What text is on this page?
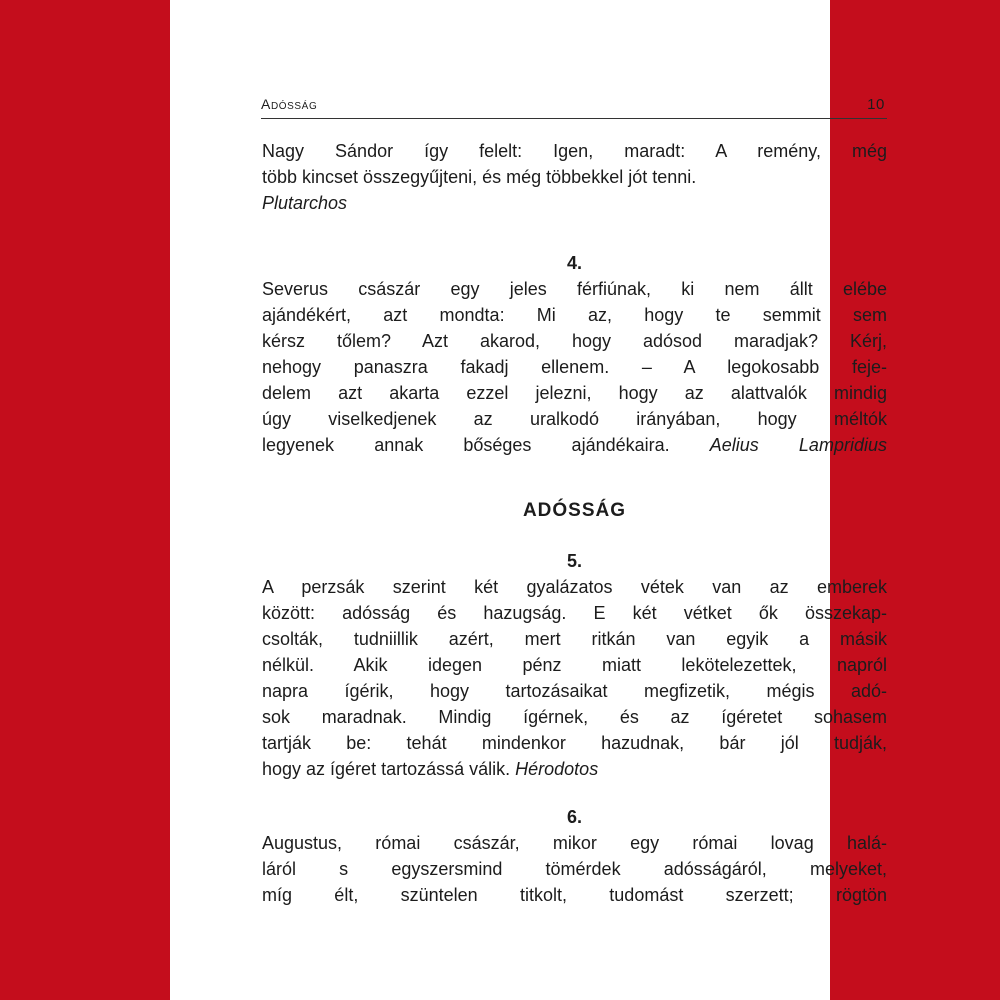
Adósság	10
Nagy Sándor így felelt: Igen, maradt: A remény, még
több kincset összegyűjteni, és még többekkel jót tenni.
Plutarchos
4.
Severus császár egy jeles férfiúnak, ki nem állt elébe
ajándékért, azt mondta: Mi az, hogy te semmit sem
kérsz tőlem? Azt akarod, hogy adósod maradjak? Kérj,
nehogy panaszra fakadj ellenem. – A legokosabb feje-
delem azt akarta ezzel jelezni, hogy az alattvalók mindig
úgy viselkedjenek az uralkodó irányában, hogy méltók
legyenek annak bőséges ajándékaira. Aelius Lampridius
ADÓSSÁG
5.
A perzsák szerint két gyalázatos vétek van az emberek
között: adósság és hazugság. E két vétket ők összekap-
csolták, tudniillik azért, mert ritkán van egyik a másik
nélkül. Akik idegen pénz miatt lekötelezettek, napról
napra ígérik, hogy tartozásaikat megfizetik, mégis adó-
sok maradnak. Mindig ígérnek, és az ígéretet sohasem
tartják be: tehát mindenkor hazudnak, bár jól tudják,
hogy az ígéret tartozássá válik. Hérodotos
6.
Augustus, római császár, mikor egy római lovag halá-
láról s egyszersmind tömérdek adósságáról, melyeket,
míg élt, szüntelen titkolt, tudomást szerzett; rögtön
